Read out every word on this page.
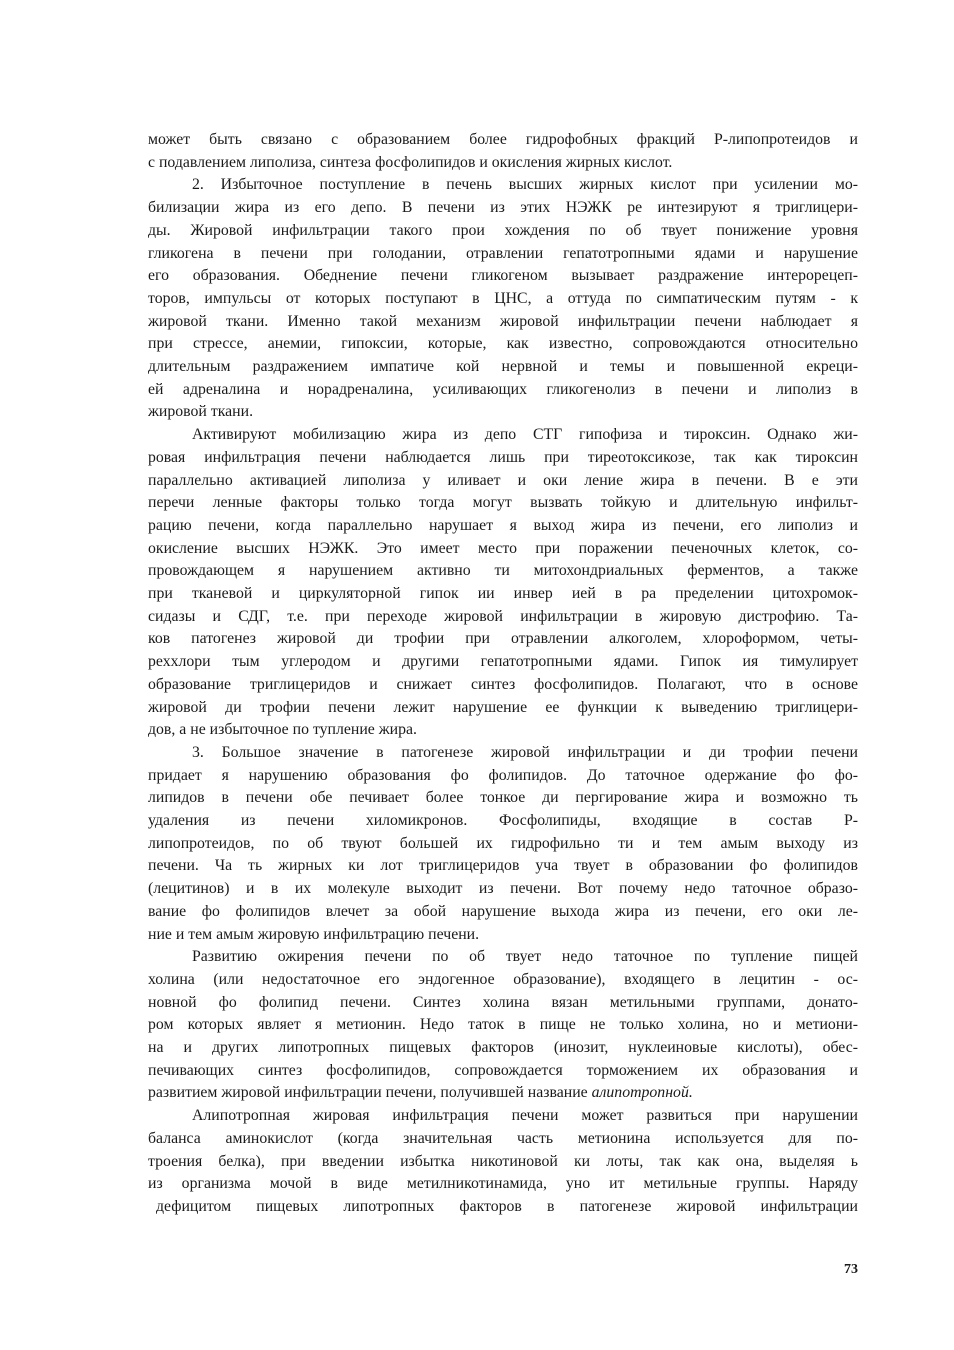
может быть связано с образованием более гидрофобных фракций Р-липопротеидов и
с подавлением липолиза, синтеза фосфолипидов и окисления жирных кислот.
2. Избыточное поступление в печень высших жирных кислот при усилении мо-
билизации жира из его депо. В печени из этих НЭЖК ре интезируют я триглицери-
ды. Жировой инфильтрации такого прои хождения по об твует понижение уровня
гликогена в печени при голодании, отравлении гепатотропными ядами и нарушение
его образования. Обеднение печени гликогеном вызывает раздражение интерорецеп-
торов, импульсы от которых поступают в ЦНС, а оттуда по симпатическим путям - к
жировой ткани. Именно такой механизм жировой инфильтрации печени наблюдает я
при стрессе, анемии, гипоксии, которые, как известно, сопровождаются относительно
длительным раздражением импатиче кой нервной и темы и повышенной екреци-
ей адреналина и норадреналина, усиливающих гликогенолиз в печени и липолиз в
жировой ткани.
Активируют мобилизацию жира из депо СТГ гипофиза и тироксин. Однако жи-
ровая инфильтрация печени наблюдается лишь при тиреотоксикозе, так как тироксин
параллельно активацией липолиза у иливает и оки ление жира в печени. В е эти
перечи ленные факторы только тогда могут вызвать тойкую и длительную инфильт-
рацию печени, когда параллельно нарушает я выход жира из печени, его липолиз и
окисление высших НЭЖК. Это имеет место при поражении печеночных клеток, со-
провождающем я нарушением активно ти митохондриальных ферментов, а также
при тканевой и циркуляторной гипок ии инвер ией в ра пределении цитохромок-
сидазы и СДГ, т.е. при переходе жировой инфильтрации в жировую дистрофию. Та-
ков патогенез жировой ди трофии при отравлении алкоголем, хлороформом, четы-
реххлори тым углеродом и другими гепатотропными ядами. Гипок ия тимулирует
образование триглицеридов и снижает синтез фосфолипидов. Полагают, что в основе
жировой ди трофии печени лежит нарушение ее функции к выведению триглицери-
дов, а не избыточное по тупление жира.
3. Большое значение в патогенезе жировой инфильтрации и ди трофии печени
придает я нарушению образования фо фолипидов. До таточное одержание фо фо-
липидов в печени обе печивает более тонкое ди пергирование жира и возможно ть
удаления из печени хиломикронов. Фосфолипиды, входящие в состав Р-
липопротеидов, по об твуют большей их гидрофильно ти и тем амым выходу из
печени. Ча ть жирных ки лот триглицеридов уча твует в образовании фо фолипидов
(лецитинов) и в их молекуле выходит из печени. Вот почему недо таточное образо-
вание фо фолипидов влечет за обой нарушение выхода жира из печени, его оки ле-
ние и тем амым жировую инфильтрацию печени.
Развитию ожирения печени по об твует недо таточное по тупление пищей
холина (или недостаточное его эндогенное образование), входящего в лецитин - ос-
новной фо фолипид печени. Синтез холина вязан метильными группами, донато-
ром которых являет я метионин. Недо таток в пище не только холина, но и метиони-
на и других липотропных пищевых факторов (инозит, нуклеиновые кислоты), обес-
печивающих синтез фосфолипидов, сопровождается торможением их образования и
развитием жировой инфильтрации печени, получившей название алипотропной.
Алипотропная жировая инфильтрация печени может развиться при нарушении
баланса аминокислот (когда значительная часть метионина используется для по-
троения белка), при введении избытка никотиновой ки лоты, так как она, выделяя ь
из организма мочой в виде метилникотинамида, уно ит метильные группы. Наряду
дефицитом пищевых липотропных факторов в патогенезе жировой инфильтрации
73
